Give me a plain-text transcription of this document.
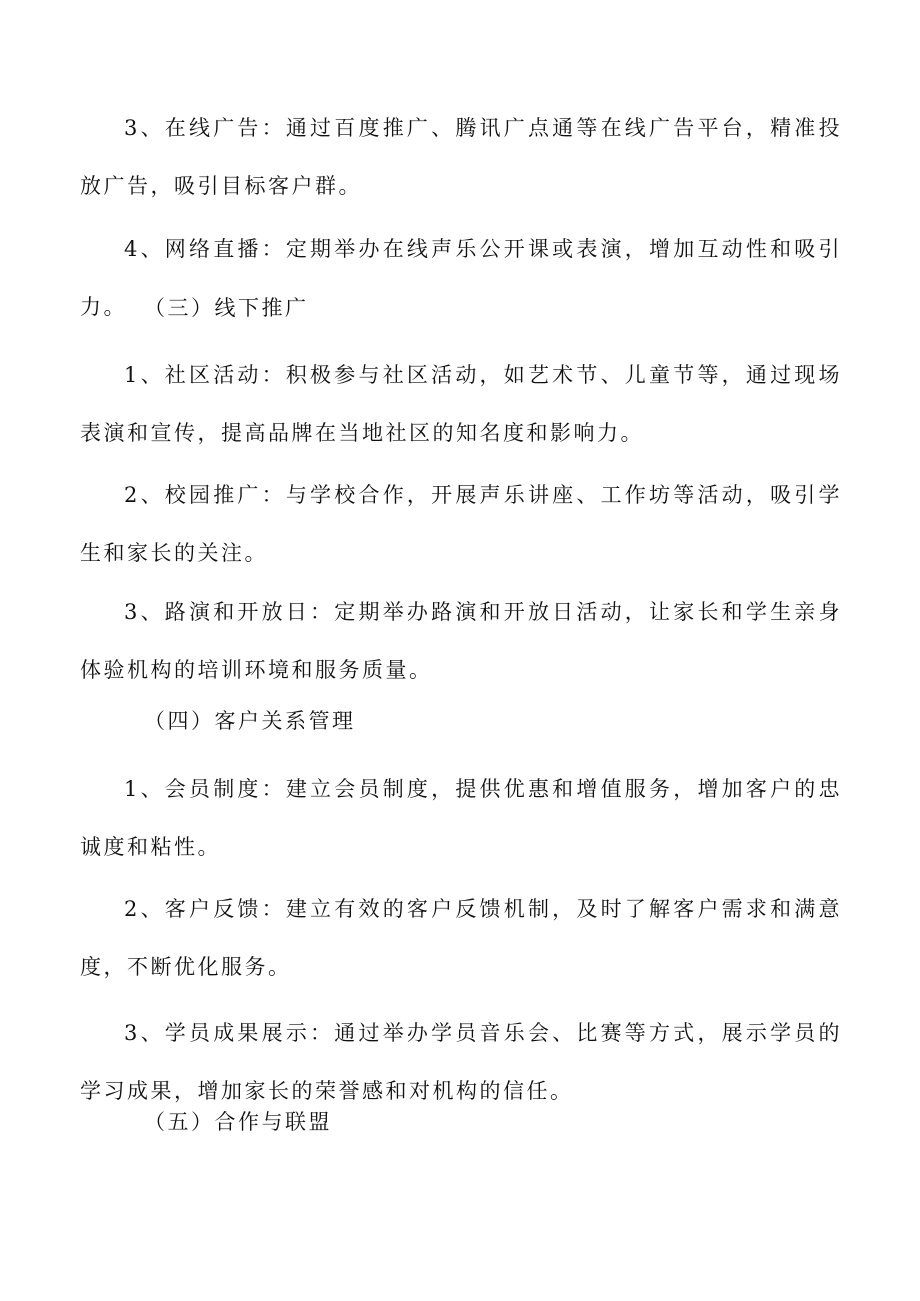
3、在线广告：通过百度推广、腾讯广点通等在线广告平台，精准投放广告，吸引目标客户群。

4、网络直播：定期举办在线声乐公开课或表演，增加互动性和吸引力。 （三）线下推广

1、社区活动：积极参与社区活动，如艺术节、儿童节等，通过现场表演和宣传，提高品牌在当地社区的知名度和影响力。

2、校园推广：与学校合作，开展声乐讲座、工作坊等活动，吸引学生和家长的关注。

3、路演和开放日：定期举办路演和开放日活动，让家长和学生亲身体验机构的培训环境和服务质量。

（四）客户关系管理

1、会员制度：建立会员制度，提供优惠和增值服务，增加客户的忠诚度和粘性。

2、客户反馈：建立有效的客户反馈机制，及时了解客户需求和满意度，不断优化服务。

3、学员成果展示：通过举办学员音乐会、比赛等方式，展示学员的学习成果，增加家长的荣誉感和对机构的信任。

（五）合作与联盟
